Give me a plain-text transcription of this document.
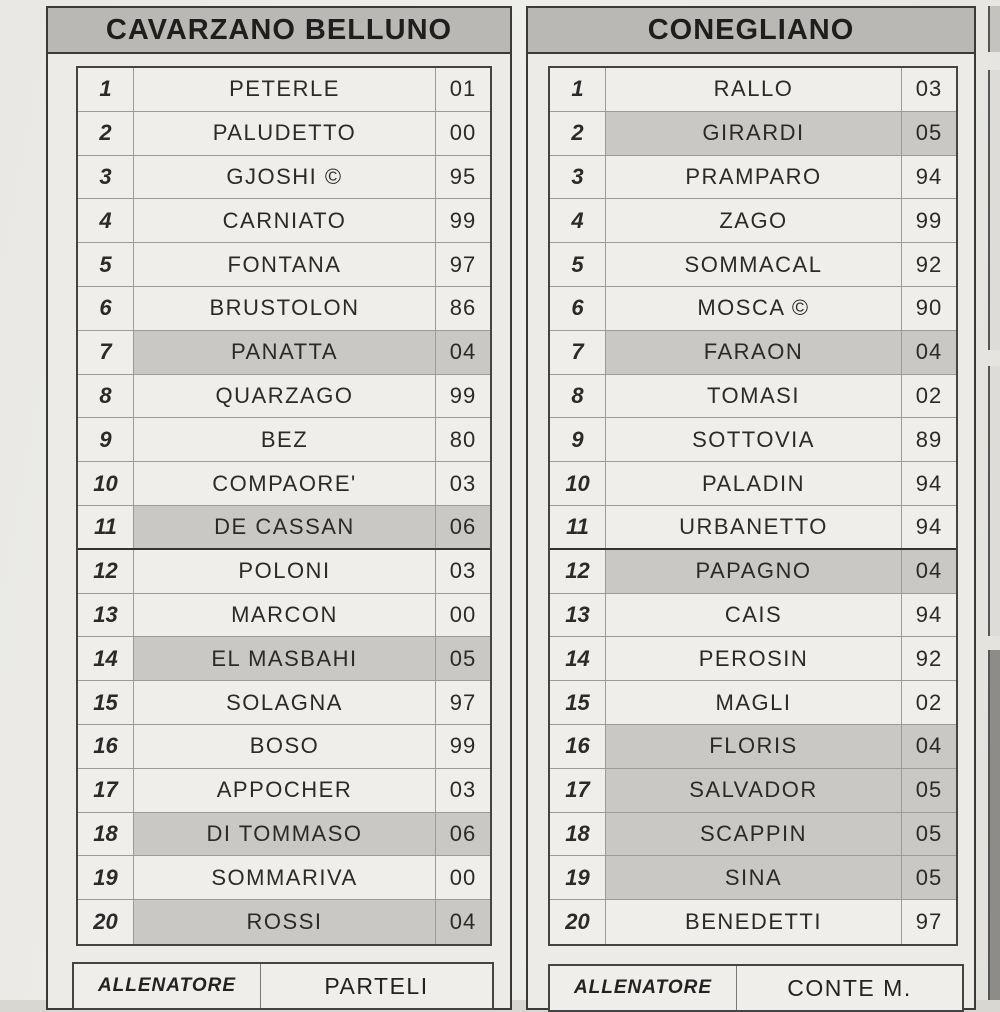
CAVARZANO BELLUNO
1	PETERLE	01
2	PALUDETTO	00
3	GJOSHI ©	95
4	CARNIATO	99
5	FONTANA	97
6	BRUSTOLON	86
7	PANATTA	04
8	QUARZAGO	99
9	BEZ	80
10	COMPAORE'	03
11	DE CASSAN	06
12	POLONI	03
13	MARCON	00
14	EL MASBAHI	05
15	SOLAGNA	97
16	BOSO	99
17	APPOCHER	03
18	DI TOMMASO	06
19	SOMMARIVA	00
20	ROSSI	04
ALLENATORE	PARTELI
CONEGLIANO
1	RALLO	03
2	GIRARDI	05
3	PRAMPARO	94
4	ZAGO	99
5	SOMMACAL	92
6	MOSCA ©	90
7	FARAON	04
8	TOMASI	02
9	SOTTOVIA	89
10	PALADIN	94
11	URBANETTO	94
12	PAPAGNO	04
13	CAIS	94
14	PEROSIN	92
15	MAGLI	02
16	FLORIS	04
17	SALVADOR	05
18	SCAPPIN	05
19	SINA	05
20	BENEDETTI	97
ALLENATORE	CONTE M.
